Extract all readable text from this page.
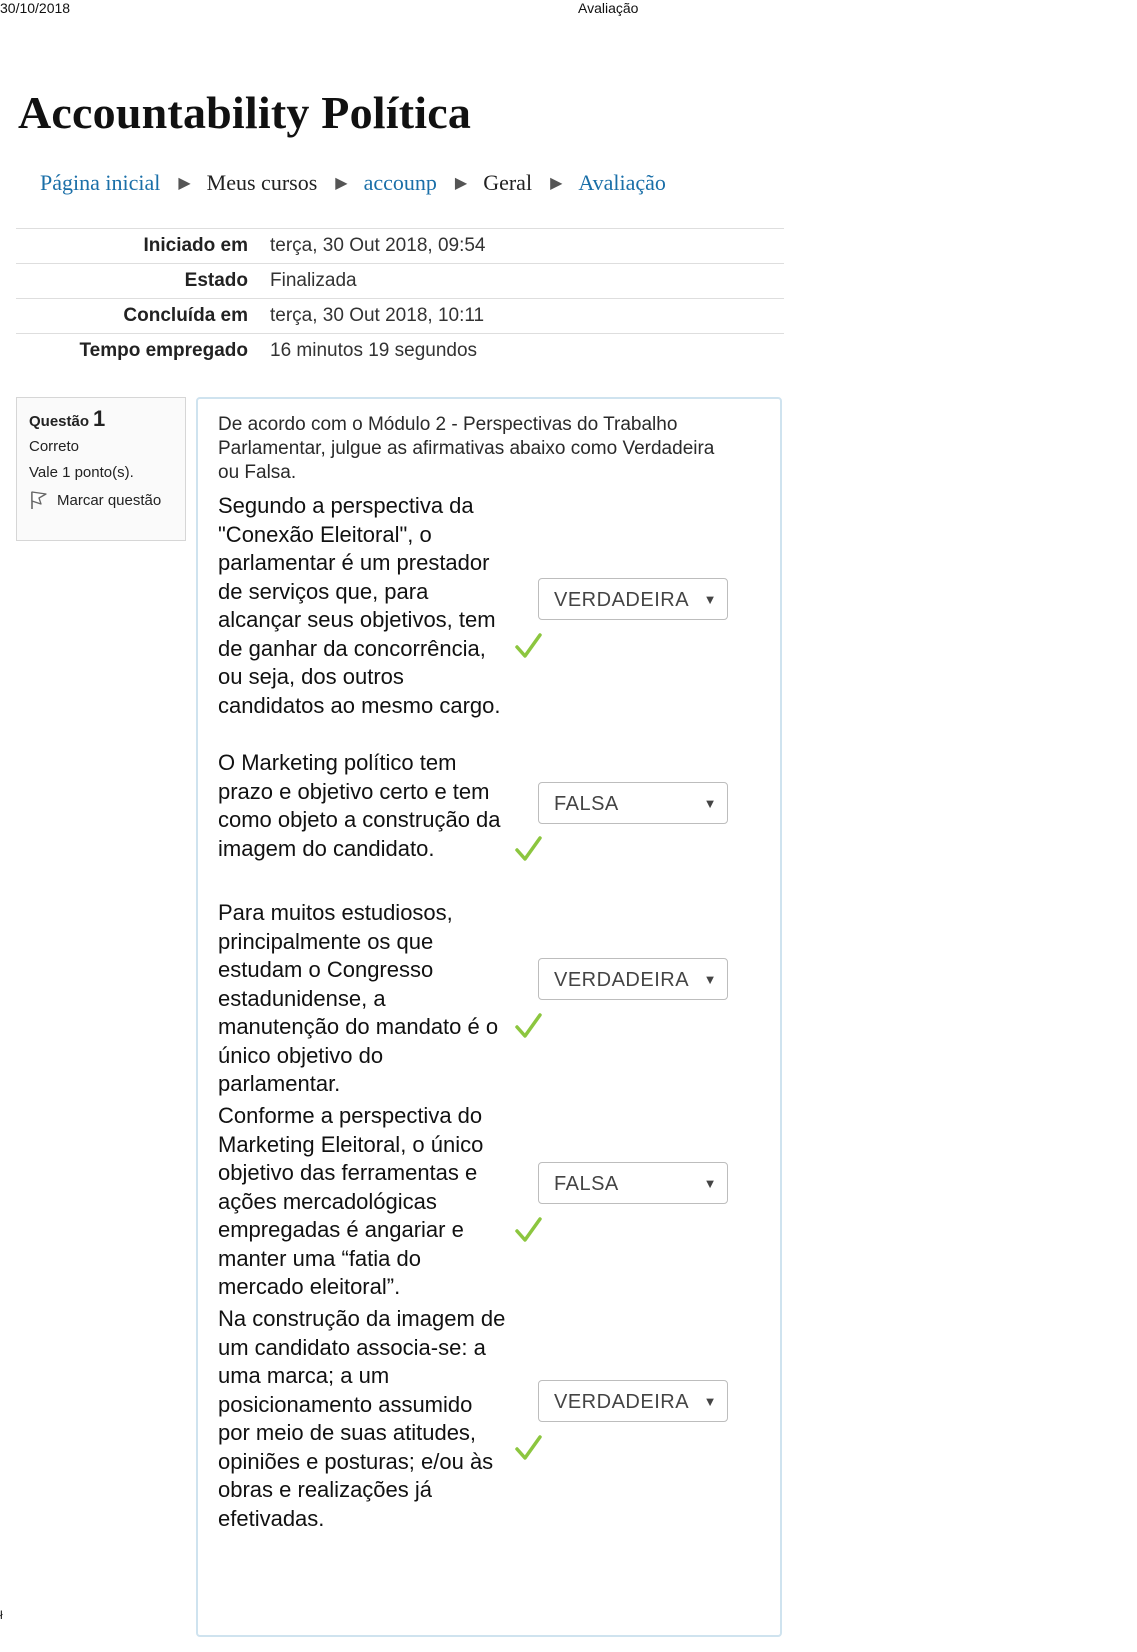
30/10/2018	Avaliação
Accountability Política
Página inicial ▶ Meus cursos ▶ accounp ▶ Geral ▶ Avaliação
Iniciado em	terça, 30 Out 2018, 09:54
Estado	Finalizada
Concluída em	terça, 30 Out 2018, 10:11
Tempo empregado	16 minutos 19 segundos
Questão 1
Correto
Vale 1 ponto(s).
Marcar questão
De acordo com o Módulo 2 - Perspectivas do Trabalho Parlamentar, julgue as afirmativas abaixo como Verdadeira ou Falsa.
Segundo a perspectiva da "Conexão Eleitoral", o parlamentar é um prestador de serviços que, para alcançar seus objetivos, tem de ganhar da concorrência, ou seja, dos outros candidatos ao mesmo cargo.
VERDADEIRA ▼
O Marketing político tem prazo e objetivo certo e tem como objeto a construção da imagem do candidato.
FALSA	▼
Para muitos estudiosos, principalmente os que estudam o Congresso estadunidense, a manutenção do mandato é o único objetivo do parlamentar.
VERDADEIRA ▼
Conforme a perspectiva do Marketing Eleitoral, o único objetivo das ferramentas e ações mercadológicas empregadas é angariar e manter uma “fatia do mercado eleitoral”.
FALSA	▼
Na construção da imagem de um candidato associa-se: a uma marca; a um posicionamento assumido por meio de suas atitudes, opiniões e posturas; e/ou às obras e realizações já efetivadas.
VERDADEIRA ▼
ł
